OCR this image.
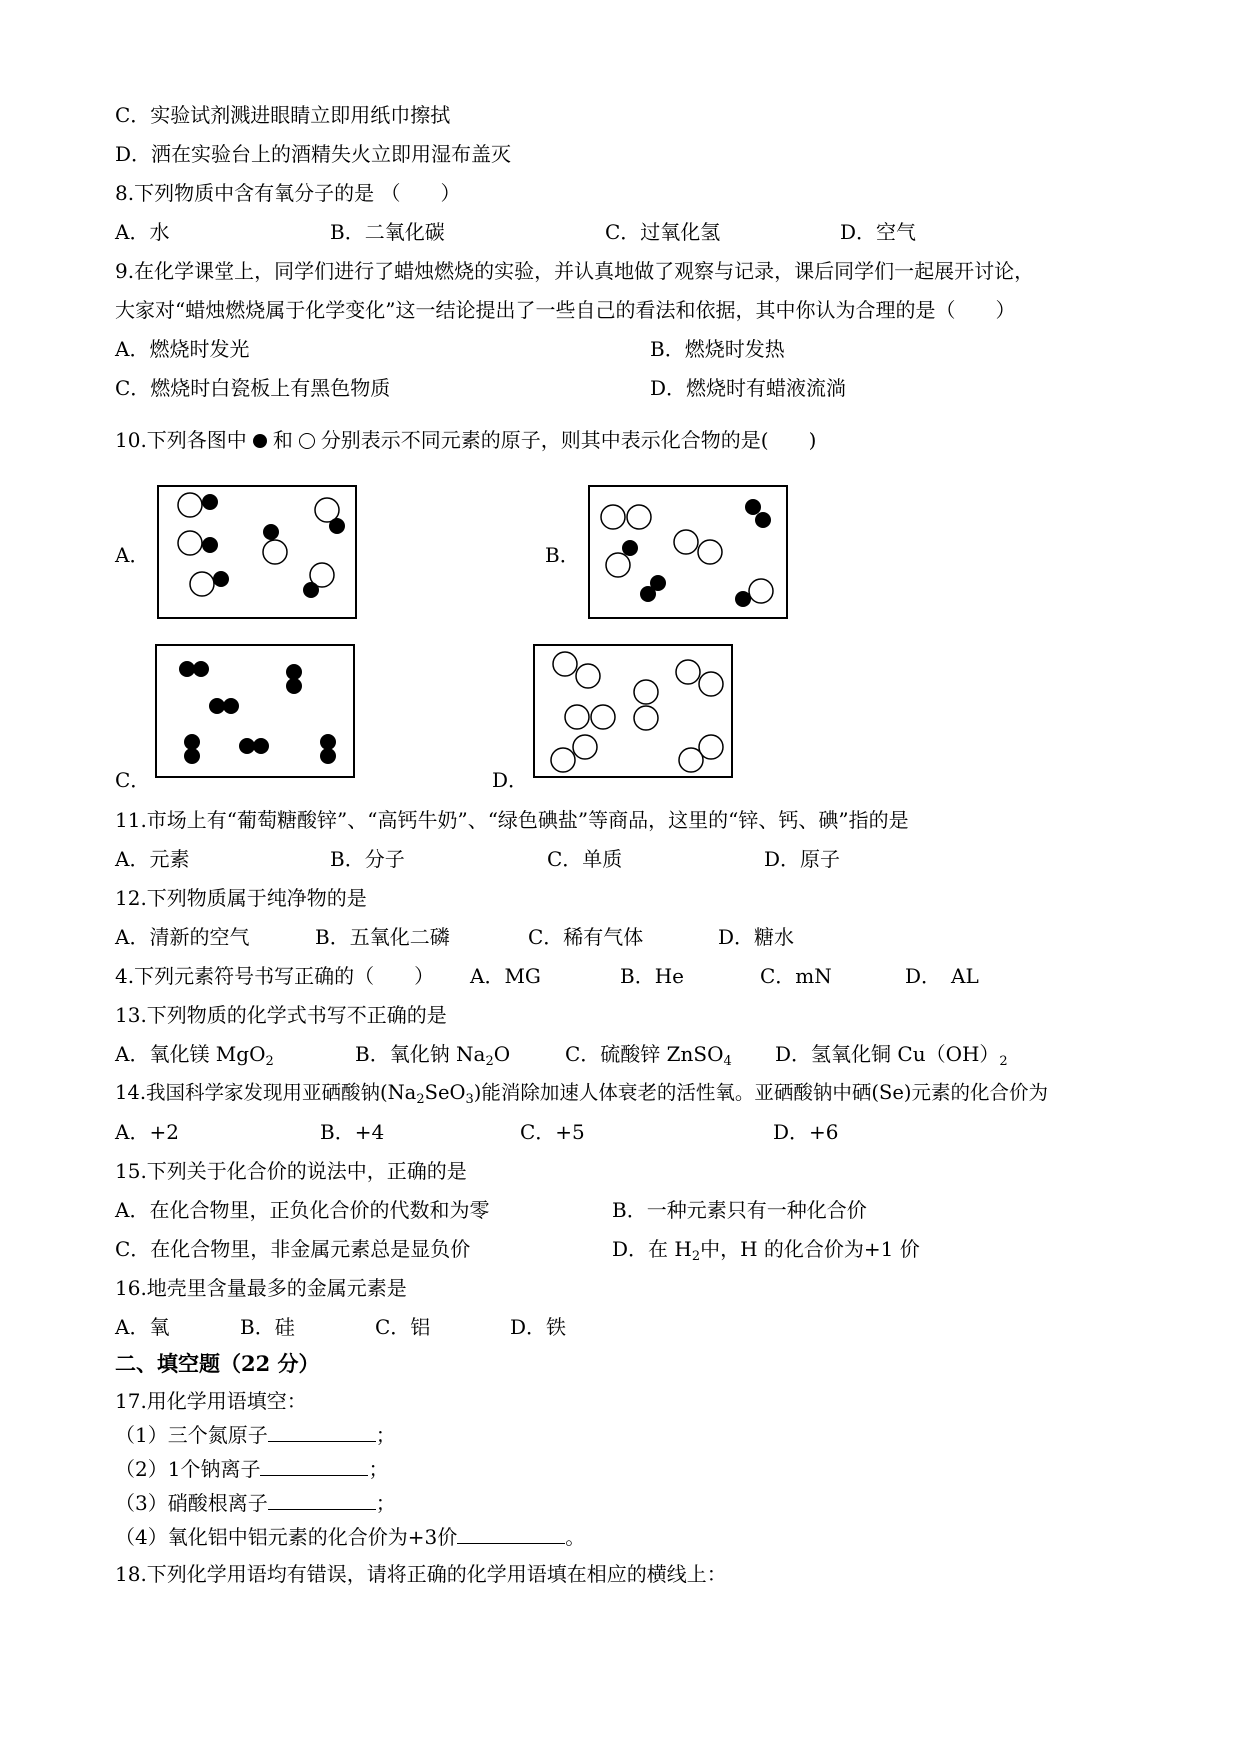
C．实验试剂溅进眼睛立即用纸巾擦拭
D．洒在实验台上的酒精失火立即用湿布盖灭
8.下列物质中含有氧分子的是 （　　）
A．水	B．二氧化碳	C．过氧化氢	D．空气
9.在化学课堂上，同学们进行了蜡烛燃烧的实验，并认真地做了观察与记录，课后同学们一起展开讨论，
大家对“蜡烛燃烧属于化学变化”这一结论提出了一些自己的看法和依据，其中你认为合理的是（　　）
A．燃烧时发光	B．燃烧时发热
C．燃烧时白瓷板上有黑色物质	D．燃烧时有蜡液流淌
10.下列各图中 和 分别表示不同元素的原子，则其中表示化合物的是(　　)
A．	B．
C．	D．
11.市场上有“葡萄糖酸锌”、“高钙牛奶”、“绿色碘盐”等商品，这里的“锌、钙、碘”指的是
A．元素	B．分子	C．单质	D．原子
12.下列物质属于纯净物的是
A．清新的空气	B．五氧化二磷	C．稀有气体	D．糖水
4.下列元素符号书写正确的（　　） A．MG	B．He	C．mN	D．　AL
13.下列物质的化学式书写不正确的是
A．氧化镁 MgO$_2$	B．氧化钠 $Na_2O$	C．硫酸锌 ZnSO$_4$ D．氢氧化铜 $Cu(OH)_2$
14.我国科学家发现用亚硒酸钠$(Na_2SeO_3)$能消除加速人体衰老的活性氧。亚硒酸钠中硒(Se)元素的化合价为
A．+2	B．+4	C．+5	D．+6
15.下列关于化合价的说法中，正确的是
A．在化合物里，正负化合价的代数和为零	B．一种元素只有一种化合价
C．在化合物里，非金属元素总是显负价	D．在 $H_2$中，H 的化合价为+1 价
16.地壳里含量最多的金属元素是
A．氧	B．硅	C．铝	D．铁
二、填空题（22 分）
17.用化学用语填空：
（1）三个氮原子	；
（2）1个钠离子	；
（3）硝酸根离子	；
（4）氧化铝中铝元素的化合价为+3价	。
18.下列化学用语均有错误，请将正确的化学用语填在相应的横线上：
